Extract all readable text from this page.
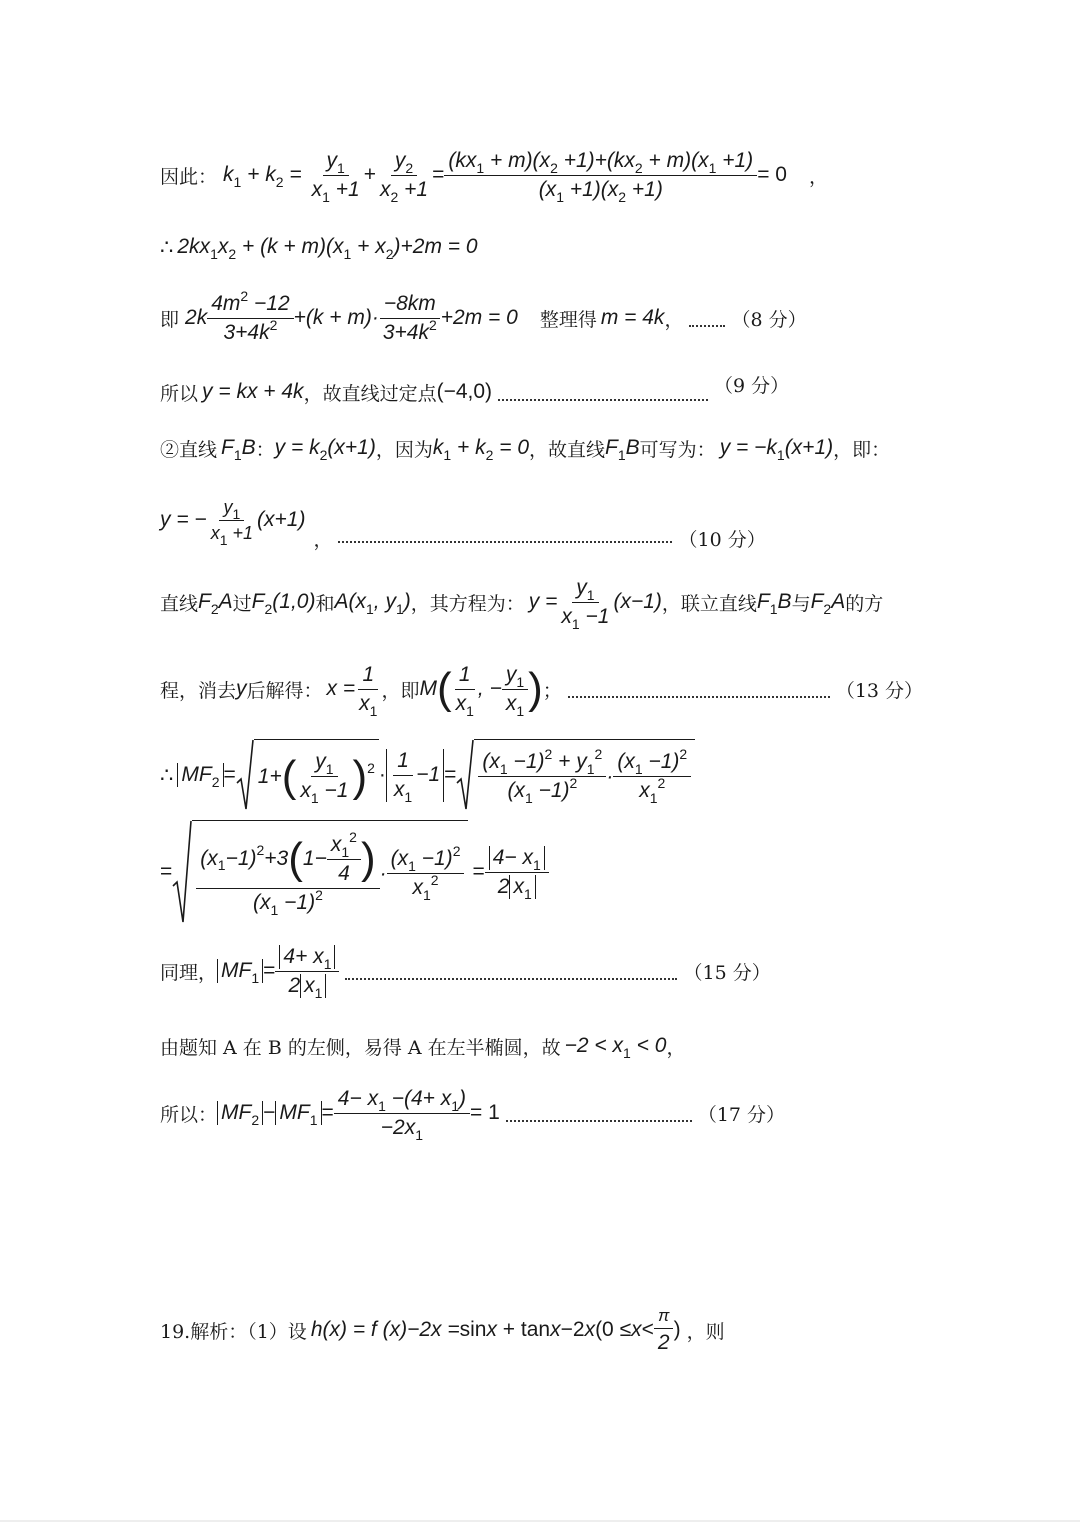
因此： $k_1 + k_2 = \frac{y_1}{x_1 +1} + \frac{y_2}{x_2 +1} = \frac{(kx_1 + m)(x_2 +1)+(kx_2 + m)(x_1 +1)}{(x_1 +1)(x_2 +1)} = 0$ ，
∴ $2kx_1x_2 + (k + m)(x_1 + x_2)+2m = 0$
即 $2k \frac{4m^2 -12}{3+4k^2} +(k + m)\cdot \frac{-8km}{3+4k^2} +2m = 0$ 整理得 m = 4k ，	（8 分）
所以 y = kx + 4k ，故直线过定点 (−4,0)	（9 分）
②直线 $F_1B$ ： $y = k_2(x+1)$ ，因为 $k_1 + k_2 = 0$ ，故直线 $F_1B$ 可写为： $y = -k_1(x+1)$ ，即：
y = − $\frac{y_1}{x_1 +1} (x+1)$
，	（10 分）
直线 $F_2A$ 过 $F_2(1,0)$ 和 $A(x_1$, $y_1$) ，其方程为： $y = \frac{y_1}{x_1 -1} (x-1)$ ，联立直线 $F_1B$ 与 $F_2A$ 的方
程，消去 y 后解得： $x = \frac{1}{x_1}$ ，即 M ( $\frac{1}{x_1}$ , − $\frac{y_1}{x_1}$ ) ；	（13 分）
∴ $MF_2 = 1+$ ( $\frac{y_1}{x_1 -1}$ ) $2 \cdot \frac{1}{x_1} -1 = \frac{(x_1 -1)^2 + y_1^2}{(x_1 -1)^2} \cdot \frac{(x_1 -1)^2}{x_1^2}$
= $\frac{(x 1 -1) 2 +3 ( 1- \frac{x_1^2}{4} )}{(x_1 -1)^2} \cdot \frac{(x_1 -1)^2}{x_1^2} = \frac{4- x_1}{2 x_1}$
同理， $MF_1 = \frac{4+ x_1}{2 x_1}$	（15 分）
由题知 A 在 B 的左侧，易得 A 在左半椭圆，故 $-2 < x_1 < 0$ ，
所以： $MF_2 - MF_1 = \frac{4- x_1 -(4+ x_1)}{-2x_1} = 1$	（17 分）
19.解析：（1）设 h(x) = f (x)−2x = sin x + tan x −2 x ($0 \le x < \frac{\pi}{2}$ ) ，则
